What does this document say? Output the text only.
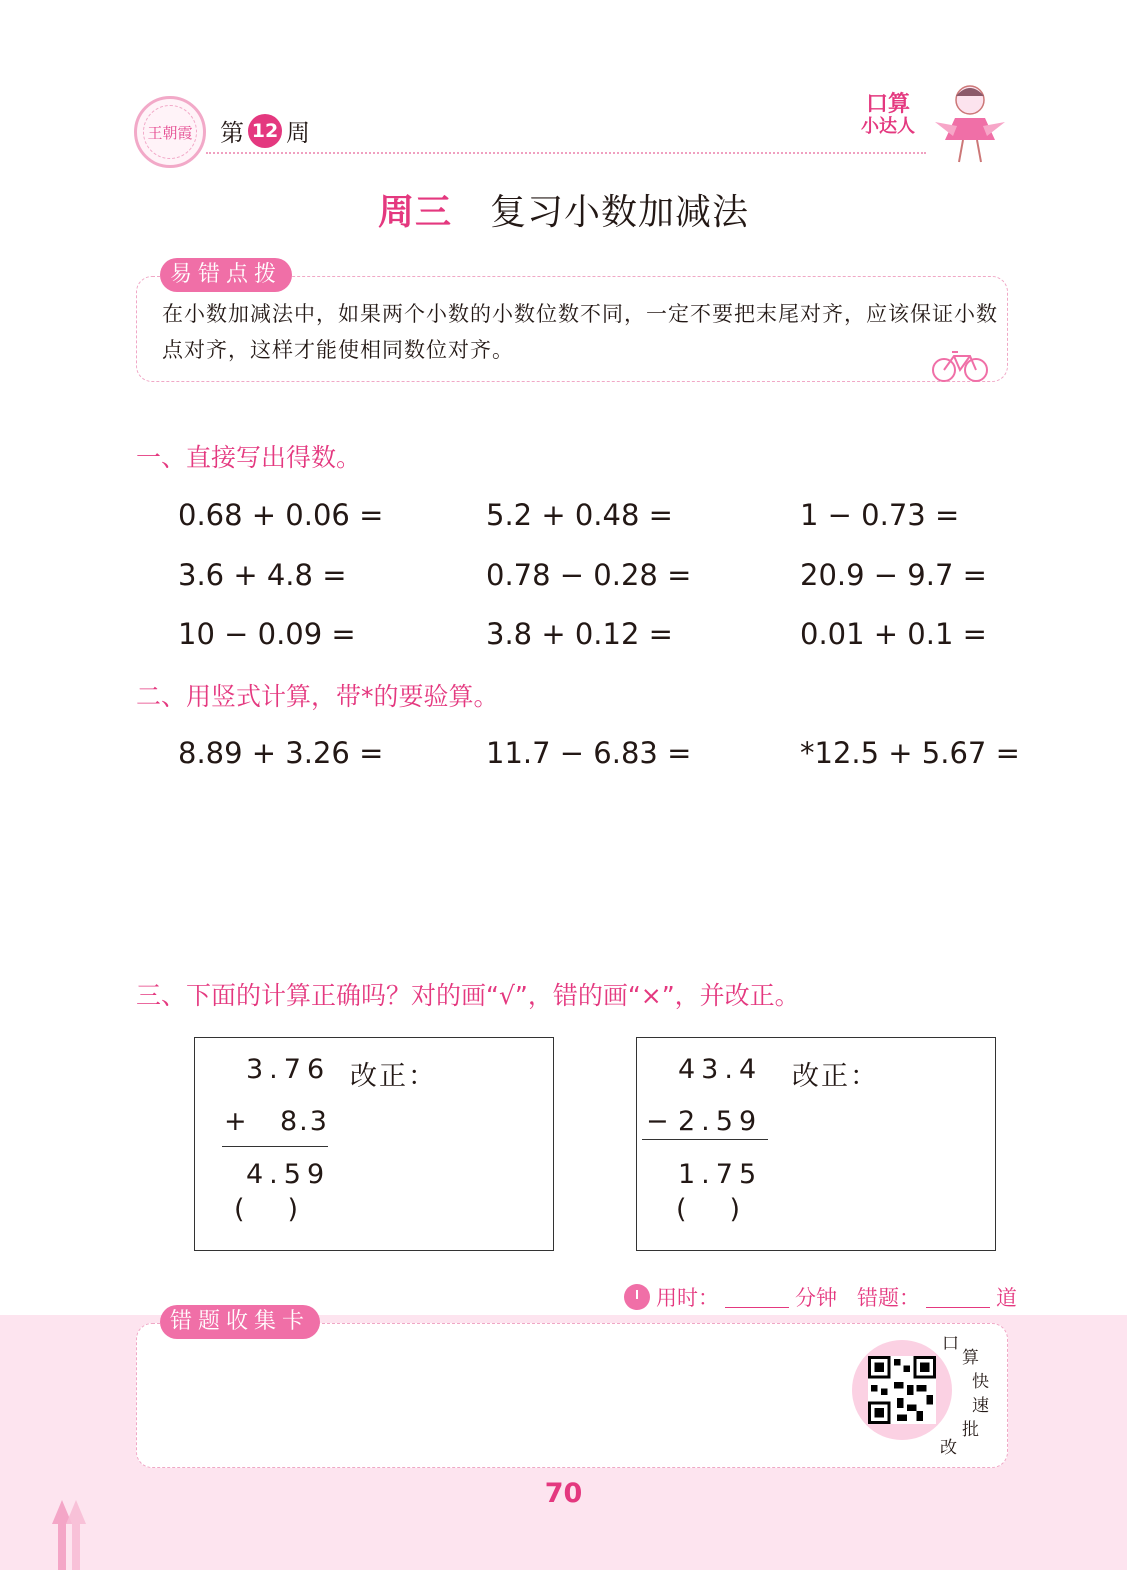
王朝霞 第 12 周
口算
小达人
周三 复习小数加减法
易错点拨
在小数加减法中，如果两个小数的小数位数不同，一定不要把末尾对齐，应该保证小数点对齐，这样才能使相同数位对齐。
一、直接写出得数。
0.68 + 0.06 =	5.2 + 0.48 =	1 − 0.73 =
3.6 + 4.8 =	0.78 − 0.28 =	20.9 − 9.7 =
10 − 0.09 =	3.8 + 0.12 =	0.01 + 0.1 =
二、用竖式计算，带*的要验算。
8.89 + 3.26 =	11.7 − 6.83 =	*12.5 + 5.67 =
三、下面的计算正确吗？对的画“√”，错的画“×”，并改正。
3.76 改正：
+ 8.3
4.59
(     )
43.4 改正：
− 2.59
1.75
(     )
用时：	分钟 错题：	道
错题收集卡
口
算
快
速
批
改
70
